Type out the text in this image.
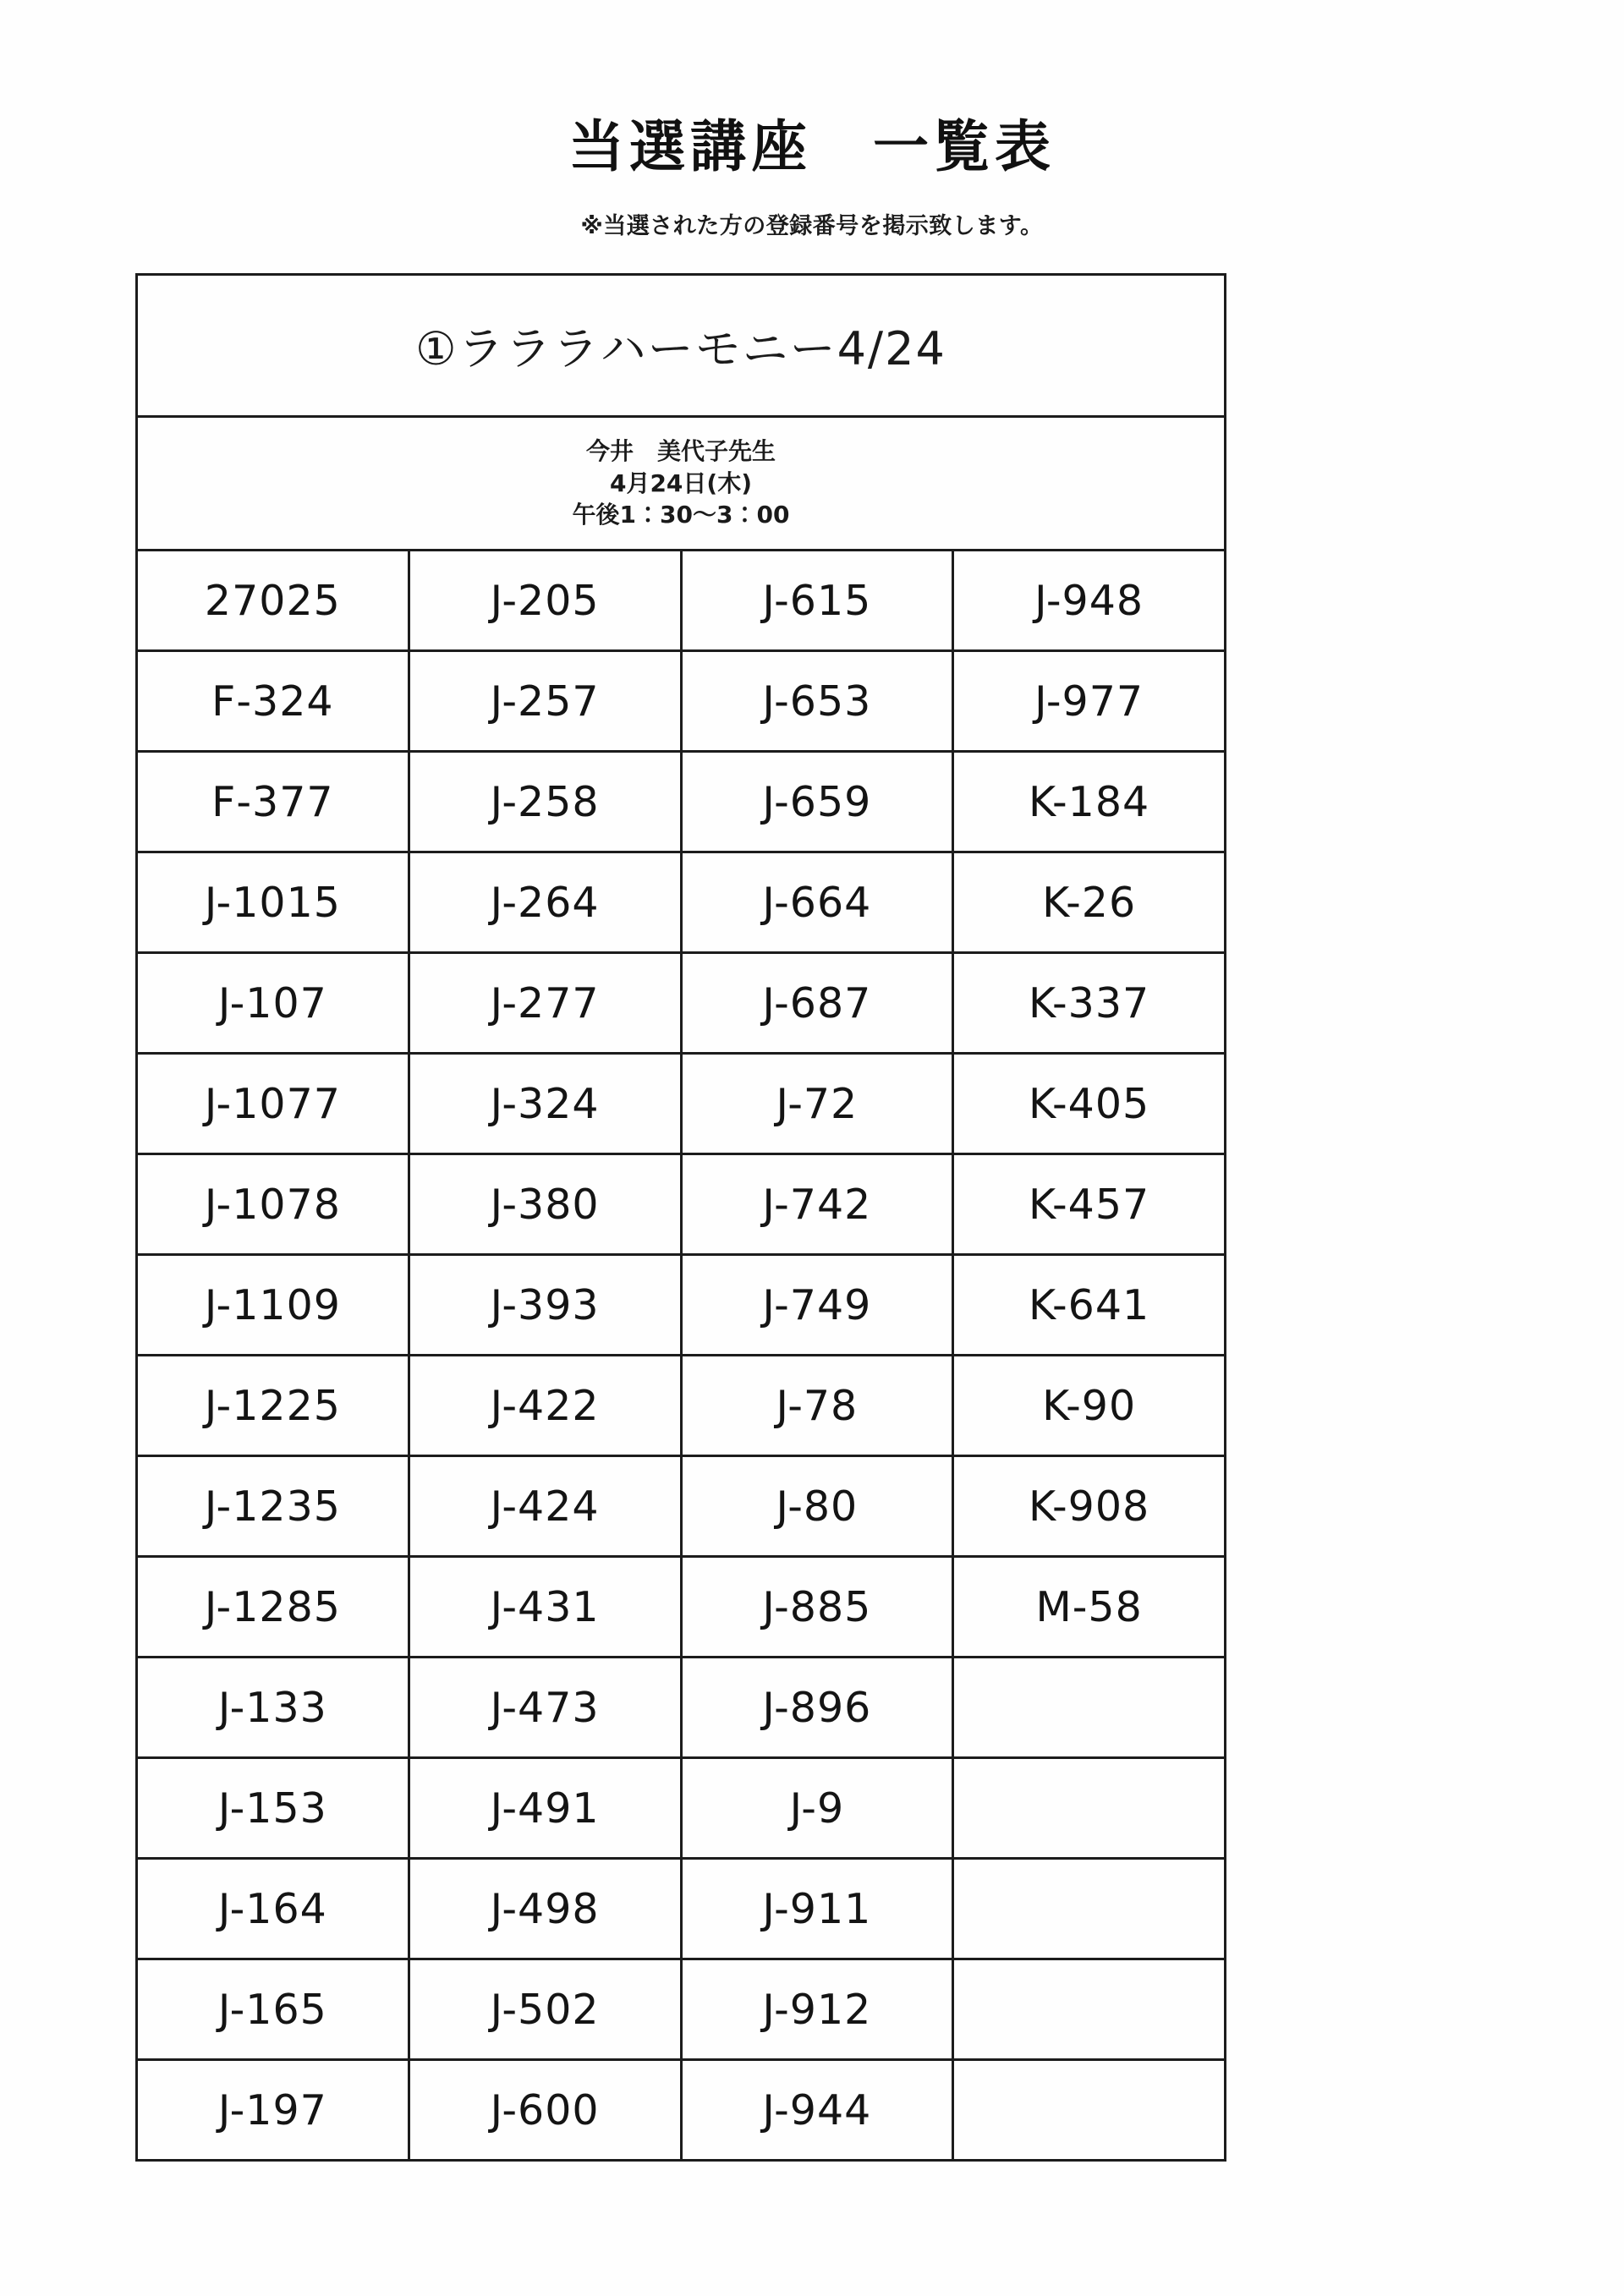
当選講座　一覧表
※当選された方の登録番号を掲示致します。
①ラララハーモニー4/24			

今井　美代子先生
4月24日(木)
午後1：30～3：00			

27025	J-205	J-615	J-948
F-324	J-257	J-653	J-977
F-377	J-258	J-659	K-184
J-1015	J-264	J-664	K-26
J-107	J-277	J-687	K-337
J-1077	J-324	J-72	K-405
J-1078	J-380	J-742	K-457
J-1109	J-393	J-749	K-641
J-1225	J-422	J-78	K-90
J-1235	J-424	J-80	K-908
J-1285	J-431	J-885	M-58
J-133	J-473	J-896	
J-153	J-491	J-9	
J-164	J-498	J-911	
J-165	J-502	J-912	
J-197	J-600	J-944	
